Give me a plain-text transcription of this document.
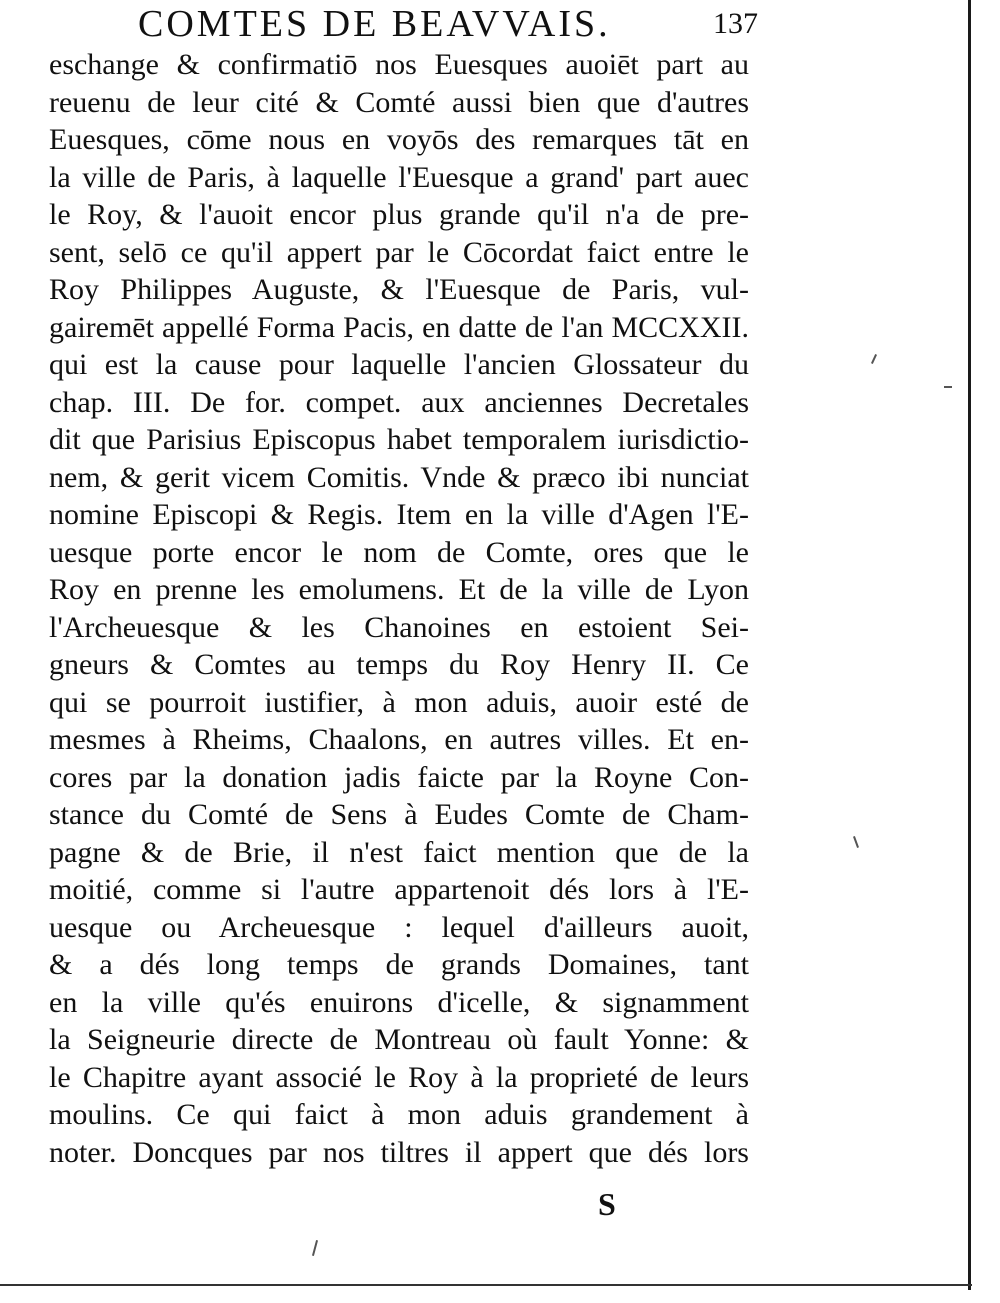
COMTES DE BEAVVAIS.	137
eschange & confirmatiō nos Euesques auoiēt part au
reuenu de leur cité & Comté aussi bien que d'autres
Euesques, cōme nous en voyōs des remarques tāt en
la ville de Paris, à laquelle l'Euesque a grand' part auec
le Roy, & l'auoit encor plus grande qu'il n'a de pre-
sent, selō ce qu'il appert par le Cōcordat faict entre le
Roy Philippes Auguste, & l'Euesque de Paris, vul-
gairemēt appellé Forma Pacis, en datte de l'an MCCXXII.
qui est la cause pour laquelle l'ancien Glossateur du
chap. III. De for. compet. aux anciennes Decretales
dit que Parisius Episcopus habet temporalem iurisdictio-
nem, & gerit vicem Comitis. Vnde & præco ibi nunciat
nomine Episcopi & Regis. Item en la ville d'Agen l'E-
uesque porte encor le nom de Comte, ores que le
Roy en prenne les emolumens. Et de la ville de Lyon
l'Archeuesque & les Chanoines en estoient Sei-
gneurs & Comtes au temps du Roy Henry II. Ce
qui se pourroit iustifier, à mon aduis, auoir esté de
mesmes à Rheims, Chaalons, en autres villes. Et en-
cores par la donation jadis faicte par la Royne Con-
stance du Comté de Sens à Eudes Comte de Cham-
pagne & de Brie, il n'est faict mention que de la
moitié, comme si l'autre appartenoit dés lors à l'E-
uesque ou Archeuesque : lequel d'ailleurs auoit,
& a dés long temps de grands Domaines, tant
en la ville qu'és enuirons d'icelle, & signamment
la Seigneurie directe de Montreau où fault Yonne: &
le Chapitre ayant associé le Roy à la proprieté de leurs
moulins. Ce qui faict à mon aduis grandement à
noter. Doncques par nos tiltres il appert que dés lors
S
